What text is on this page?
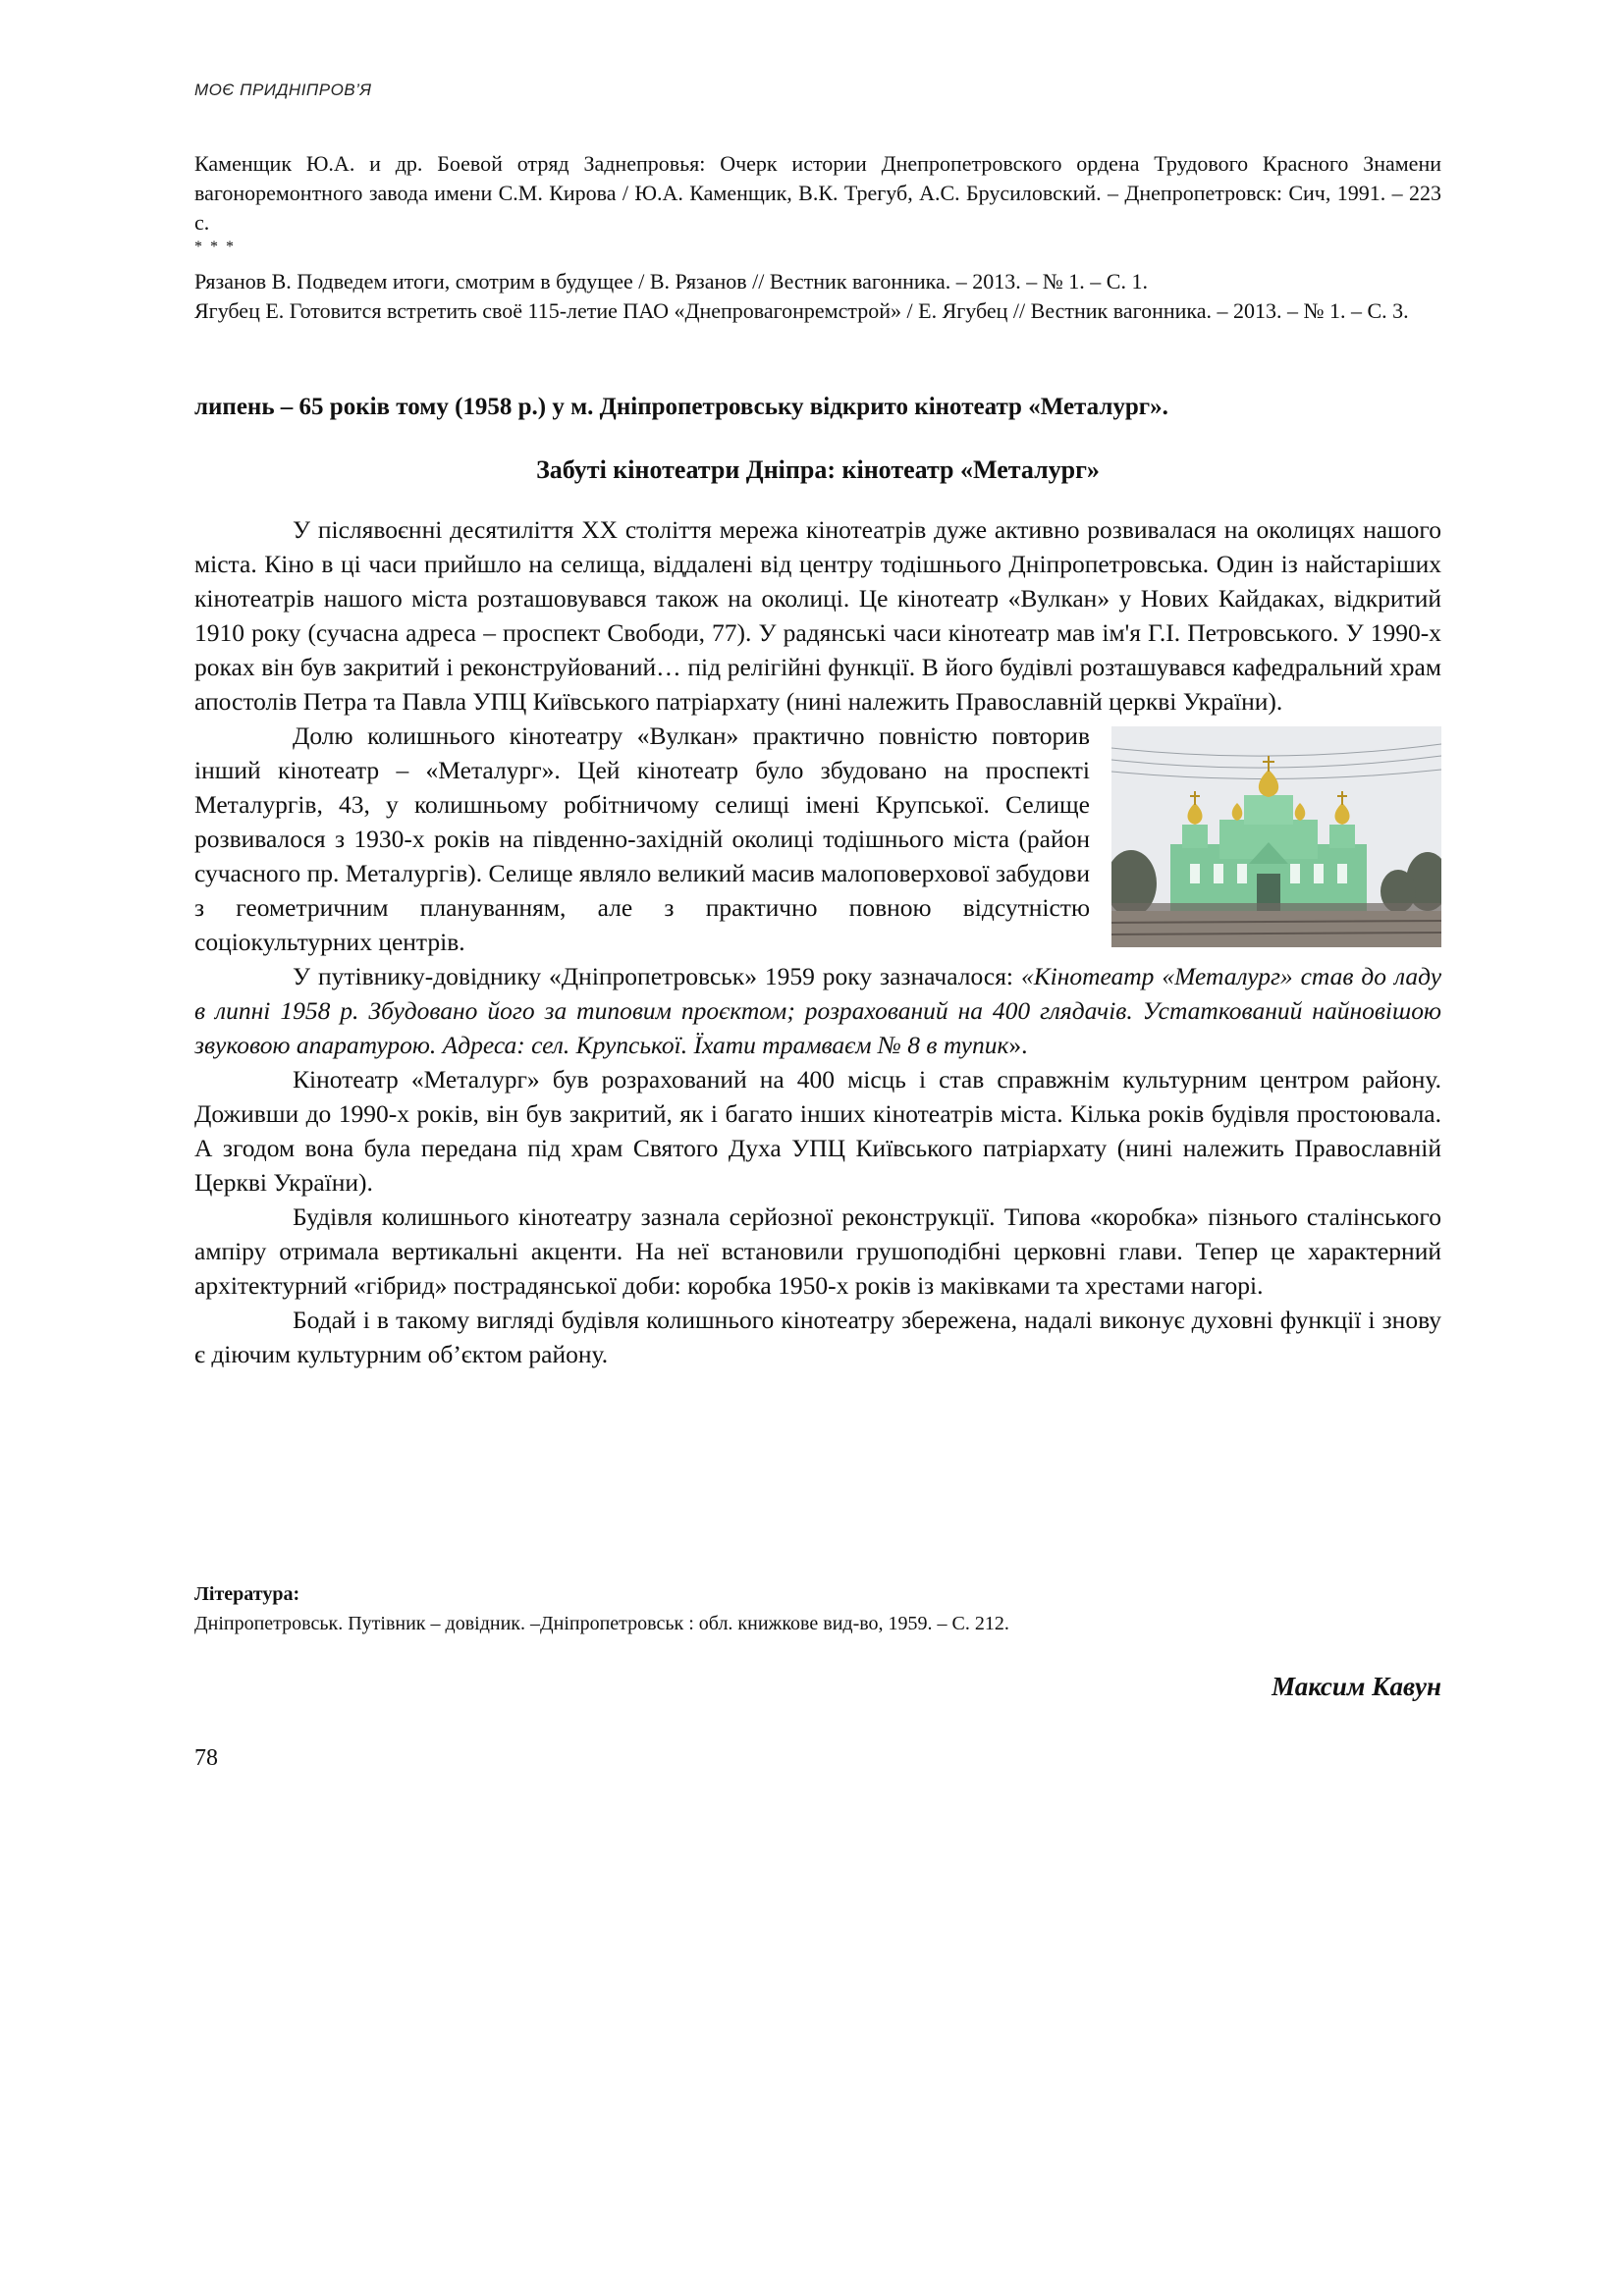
МОЄ ПРИДНІПРОВ’Я

Каменщик Ю.А. и др. Боевой отряд Заднепровья: Очерк истории Днепропетровского ордена Трудового Красного Знамени вагоноремонтного завода имени С.М. Кирова / Ю.А. Каменщик, В.К. Трегуб, А.С. Брусиловский. – Днепропетровск: Сич, 1991. – 223 с.

* * *

Рязанов В. Подведем итоги, смотрим в будущее / В. Рязанов // Вестник вагонника. – 2013. – № 1. – С. 1.

Ягубец Е. Готовится встретить своё 115-летие ПАО «Днепровагонремстрой» / Е. Ягубец // Вестник вагонника. – 2013. – № 1. – С. 3.

липень – 65 років тому (1958 р.) у м. Дніпропетровську відкрито кінотеатр «Металург».
Забуті кінотеатри Дніпра: кінотеатр «Металург»

У післявоєнні десятиліття XX століття мережа кінотеатрів дуже активно розвивалася на околицях нашого міста. Кіно в ці часи прийшло на селища, віддалені від центру тодішнього Дніпропетровська. Один із найстаріших кінотеатрів нашого міста розташовувався також на околиці. Це кінотеатр «Вулкан» у Нових Кайдаках, відкритий 1910 року (сучасна адреса – проспект Свободи, 77). У радянські часи кінотеатр мав ім'я Г.І. Петровського. У 1990-х роках він був закритий і реконструйований… під релігійні функції. В його будівлі розташувався кафедральний храм апостолів Петра та Павла УПЦ Київського патріархату (нині належить Православній церкві України).

Долю колишнього кінотеатру «Вулкан» практично повністю повторив інший кінотеатр – «Металург». Цей кінотеатр було збудовано на проспекті Металургів, 43, у колишньому робітничому селищі імені Крупської. Селище розвивалося з 1930-х років на південно-західній околиці тодішнього міста (район сучасного пр. Металургів). Селище являло великий масив малоповерхової забудови з геометричним плануванням, але з практично повною відсутністю соціокультурних центрів.

У путівнику-довіднику «Дніпропетровськ» 1959 року зазначалося: «Кінотеатр «Металург» став до ладу в липні 1958 р. Збудовано його за типовим проєктом; розрахований на 400 глядачів. Устаткований найновішою звуковою апаратурою. Адреса: сел. Крупської. Їхати трамваєм № 8 в тупик».

Кінотеатр «Металург» був розрахований на 400 місць і став справжнім культурним центром району. Доживши до 1990-х років, він був закритий, як і багато інших кінотеатрів міста. Кілька років будівля простоювала. А згодом вона була передана під храм Святого Духа УПЦ Київського патріархату (нині належить Православній Церкві України).

Будівля колишнього кінотеатру зазнала серйозної реконструкції. Типова «коробка» пізнього сталінського ампіру отримала вертикальні акценти. На неї встановили грушоподібні церковні глави. Тепер це характерний архітектурний «гібрид» пострадянської доби: коробка 1950-х років із маківками та хрестами нагорі.

Бодай і в такому вигляді будівля колишнього кінотеатру збережена, надалі виконує духовні функції і знову є діючим культурним об’єктом району.

Література:
Дніпропетровськ. Путівник – довідник. –Дніпропетровськ : обл. книжкове вид-во, 1959. – С. 212.
Максим Кавун
78
